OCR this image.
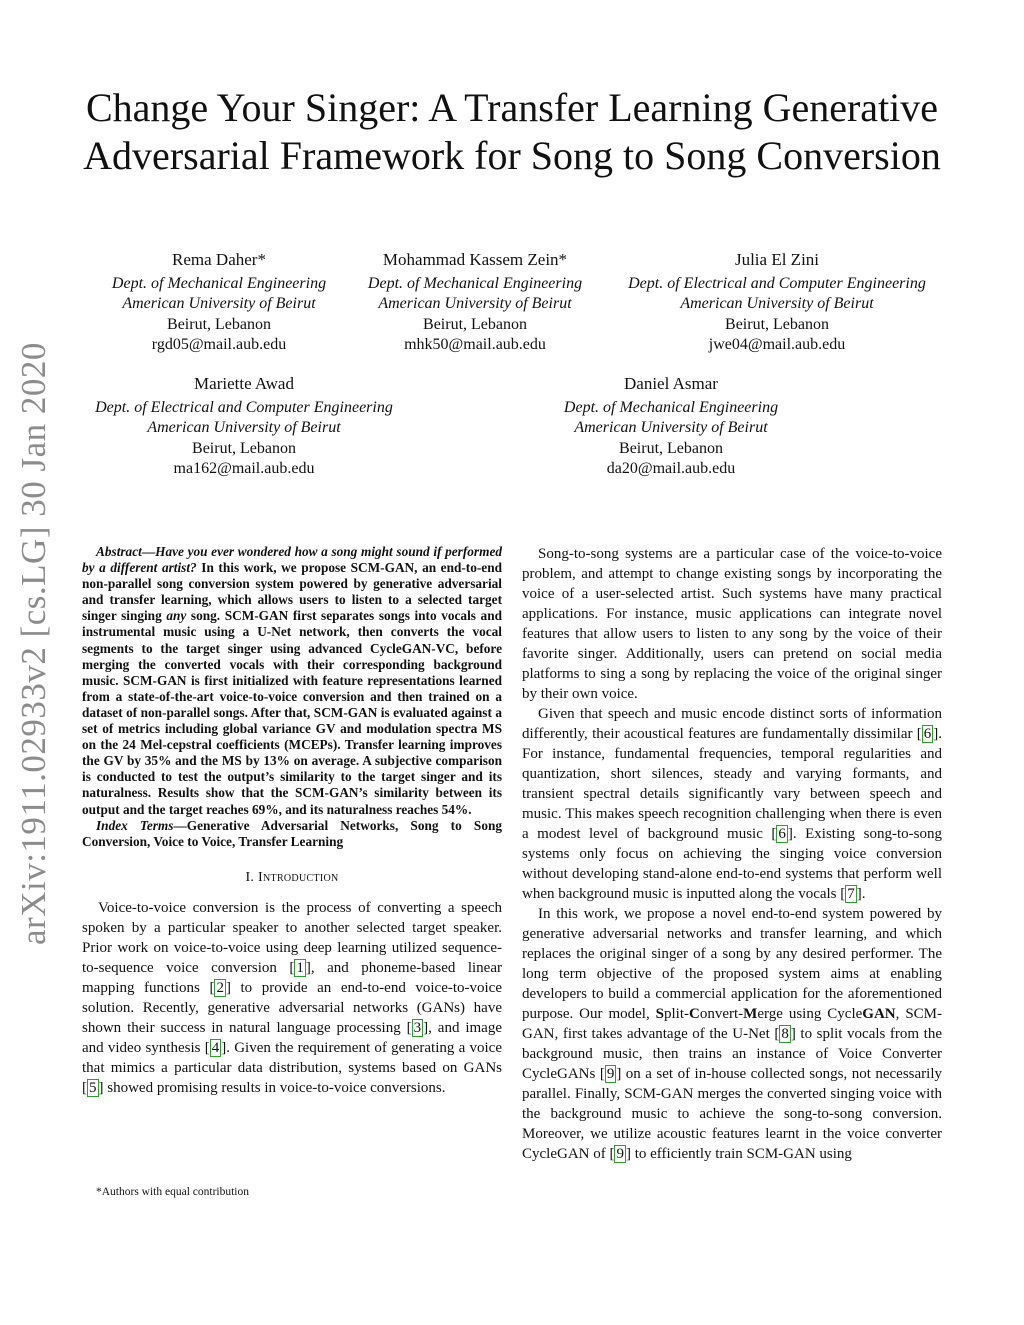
arXiv:1911.02933v2 [cs.LG] 30 Jan 2020
Change Your Singer: A Transfer Learning Generative Adversarial Framework for Song to Song Conversion
Rema Daher*
Dept. of Mechanical Engineering
American University of Beirut
Beirut, Lebanon
rgd05@mail.aub.edu
Mohammad Kassem Zein*
Dept. of Mechanical Engineering
American University of Beirut
Beirut, Lebanon
mhk50@mail.aub.edu
Julia El Zini
Dept. of Electrical and Computer Engineering
American University of Beirut
Beirut, Lebanon
jwe04@mail.aub.edu
Mariette Awad
Dept. of Electrical and Computer Engineering
American University of Beirut
Beirut, Lebanon
ma162@mail.aub.edu
Daniel Asmar
Dept. of Mechanical Engineering
American University of Beirut
Beirut, Lebanon
da20@mail.aub.edu

Abstract—Have you ever wondered how a song might sound if performed by a different artist? In this work, we propose SCM-GAN, an end-to-end non-parallel song conversion system powered by generative adversarial and transfer learning, which allows users to listen to a selected target singer singing any song. SCM-GAN first separates songs into vocals and instrumental music using a U-Net network, then converts the vocal segments to the target singer using advanced CycleGAN-VC, before merging the converted vocals with their corresponding background music. SCM-GAN is first initialized with feature representations learned from a state-of-the-art voice-to-voice conversion and then trained on a dataset of non-parallel songs. After that, SCM-GAN is evaluated against a set of metrics including global variance GV and modulation spectra MS on the 24 Mel-cepstral coefficients (MCEPs). Transfer learning improves the GV by 35% and the MS by 13% on average. A subjective comparison is conducted to test the output’s similarity to the target singer and its naturalness. Results show that the SCM-GAN’s similarity between its output and the target reaches 69%, and its naturalness reaches 54%.

Index Terms—Generative Adversarial Networks, Song to Song Conversion, Voice to Voice, Transfer Learning

I. Introduction

Voice-to-voice conversion is the process of converting a speech spoken by a particular speaker to another selected target speaker. Prior work on voice-to-voice using deep learning utilized sequence-to-sequence voice conversion [ 1 ], and phoneme-based linear mapping functions [ 2 ] to provide an end-to-end voice-to-voice solution. Recently, generative adversarial networks (GANs) have shown their success in natural language processing [ 3 ], and image and video synthesis [ 4 ]. Given the requirement of generating a voice that mimics a particular data distribution, systems based on GANs [ 5 ] showed promising results in voice-to-voice conversions.

*Authors with equal contribution

Song-to-song systems are a particular case of the voice-to-voice problem, and attempt to change existing songs by incorporating the voice of a user-selected artist. Such systems have many practical applications. For instance, music applications can integrate novel features that allow users to listen to any song by the voice of their favorite singer. Additionally, users can pretend on social media platforms to sing a song by replacing the voice of the original singer by their own voice.

Given that speech and music encode distinct sorts of information differently, their acoustical features are fundamentally dissimilar [ 6 ]. For instance, fundamental frequencies, temporal regularities and quantization, short silences, steady and varying formants, and transient spectral details significantly vary between speech and music. This makes speech recognition challenging when there is even a modest level of background music [ 6 ]. Existing song-to-song systems only focus on achieving the singing voice conversion without developing stand-alone end-to-end systems that perform well when background music is inputted along the vocals [ 7 ].

In this work, we propose a novel end-to-end system powered by generative adversarial networks and transfer learning, and which replaces the original singer of a song by any desired performer. The long term objective of the proposed system aims at enabling developers to build a commercial application for the aforementioned purpose. Our model, Split-Convert-Merge using CycleGAN, SCM-GAN, first takes advantage of the U-Net [ 8 ] to split vocals from the background music, then trains an instance of Voice Converter CycleGANs [ 9 ] on a set of in-house collected songs, not necessarily parallel. Finally, SCM-GAN merges the converted singing voice with the background music to achieve the song-to-song conversion. Moreover, we utilize acoustic features learnt in the voice converter CycleGAN of [ 9 ] to efficiently train SCM-GAN using
